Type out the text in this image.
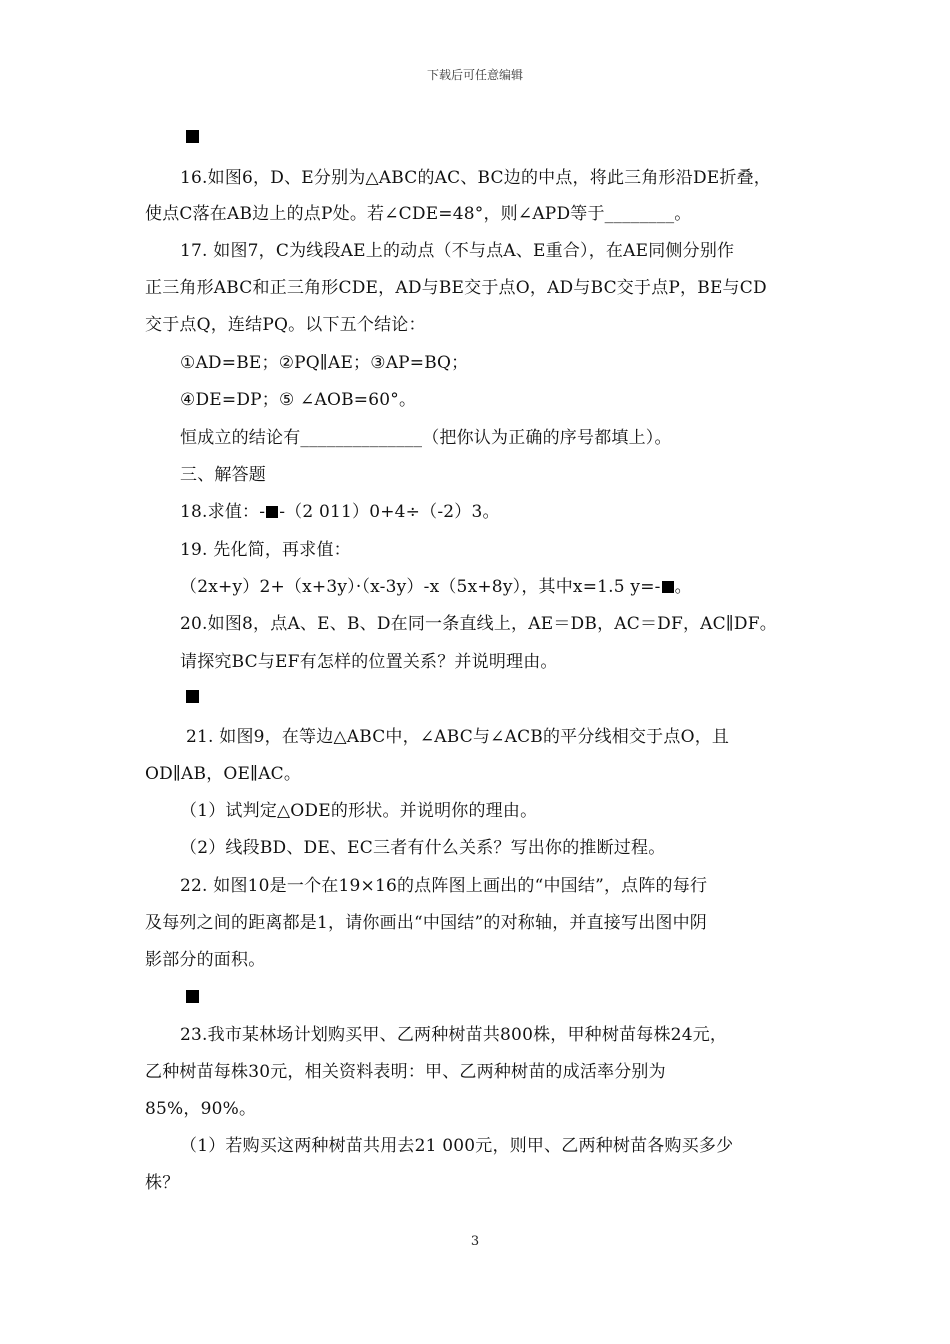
下载后可任意编辑
16.如图6，D、E分别为△ABC的AC、BC边的中点，将此三角形沿DE折叠，
使点C落在AB边上的点P处。若∠CDE=48°，则∠APD等于________。
17. 如图7，C为线段AE上的动点（不与点A、E重合），在AE同侧分别作
正三角形ABC和正三角形CDE，AD与BE交于点O，AD与BC交于点P，BE与CD
交于点Q，连结PQ。以下五个结论：
①AD=BE；②PQ∥AE；③AP=BQ；
④DE=DP；⑤ ∠AOB=60°。
恒成立的结论有______________（把你认为正确的序号都填上）。
三、解答题
18.求值：- -（2 011）0+4÷（-2）3。
19. 先化简，再求值：
（2x+y）2+（x+3y）·（x-3y）-x（5x+8y），其中x=1.5 y=- 。
20.如图8，点A、E、B、D在同一条直线上，AE＝DB，AC＝DF，AC∥DF。
请探究BC与EF有怎样的位置关系？并说明理由。
21. 如图9，在等边△ABC中，∠ABC与∠ACB的平分线相交于点O，且
OD∥AB，OE∥AC。
（1）试判定△ODE的形状。并说明你的理由。
（2）线段BD、DE、EC三者有什么关系？写出你的推断过程。
22. 如图10是一个在19×16的点阵图上画出的“中国结”，点阵的每行
及每列之间的距离都是1，请你画出“中国结”的对称轴，并直接写出图中阴
影部分的面积。
23.我市某林场计划购买甲、乙两种树苗共800株，甲种树苗每株24元，
乙种树苗每株30元，相关资料表明：甲、乙两种树苗的成活率分别为
85%，90%。
（1）若购买这两种树苗共用去21 000元，则甲、乙两种树苗各购买多少
株？
3
